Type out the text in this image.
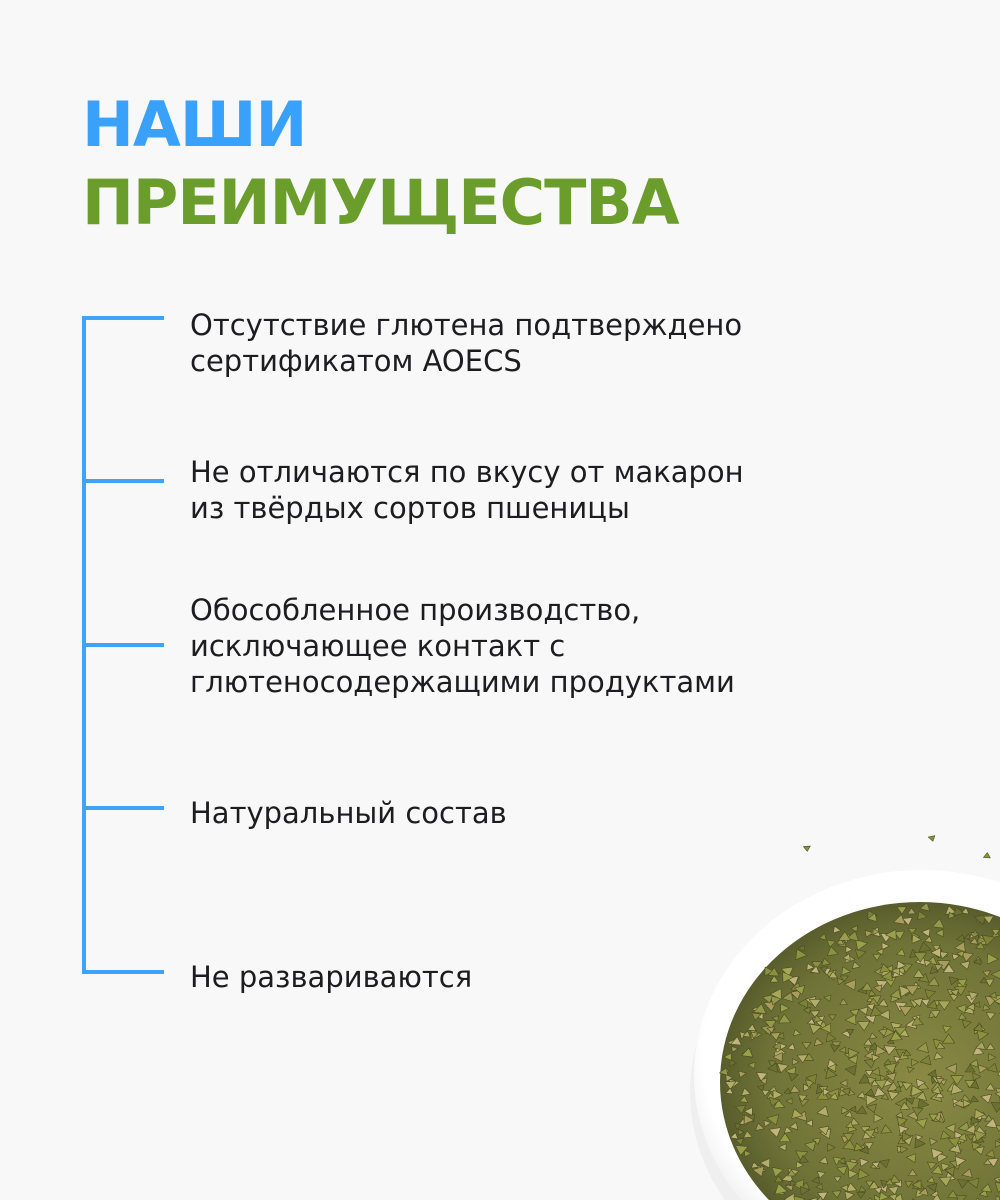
НАШИ
ПРЕИМУЩЕСТВА

Отсутствие глютена подтверждено
сертификатом AOECS

Не отличаются по вкусу от макарон
из твёрдых сортов пшеницы

Обособленное производство,
исключающее контакт с
глютеносодержащими продуктами

Натуральный состав

Не развариваются
